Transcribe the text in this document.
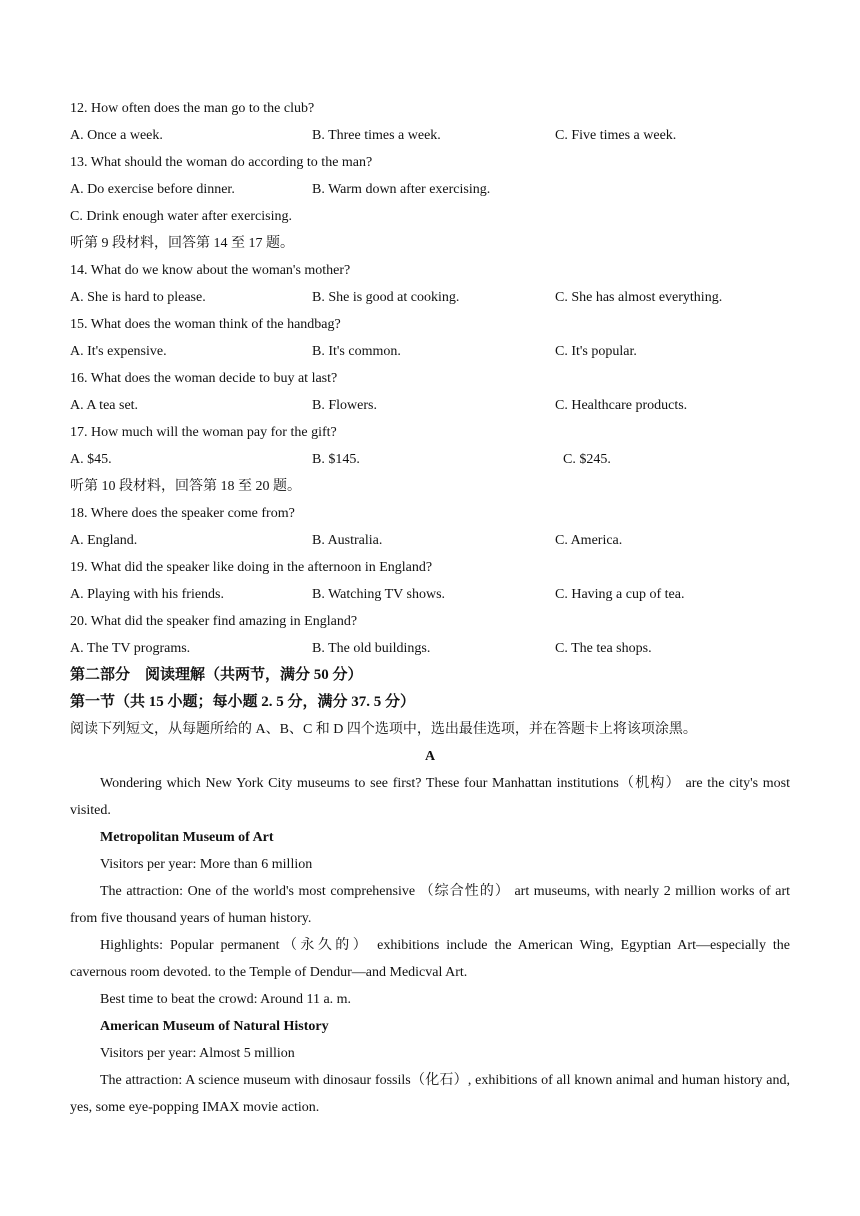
12. How often does the man go to the club?
A. Once a week.	B. Three times a week.	C. Five times a week.
13. What should the woman do according to the man?
A. Do exercise before dinner.	B. Warm down after exercising.
C. Drink enough water after exercising.
听第 9 段材料，回答第 14 至 17 题。
14. What do we know about the woman's mother?
A. She is hard to please.	B. She is good at cooking.	C. She has almost everything.
15. What does the woman think of the handbag?
A. It's expensive.	B. It's common.	C. It's popular.
16. What does the woman decide to buy at last?
A. A tea set.	B. Flowers.	C. Healthcare products.
17. How much will the woman pay for the gift?
A. $45.	B. $145.	C. $245.
听第 10 段材料，回答第 18 至 20 题。
18. Where does the speaker come from?
A. England.	B. Australia.	C. America.
19. What did the speaker like doing in the afternoon in England?
A. Playing with his friends.	B. Watching TV shows.	C. Having a cup of tea.
20. What did the speaker find amazing in England?
A. The TV programs.	B. The old buildings.	C. The tea shops.
第二部分　阅读理解（共两节，满分 50 分）
第一节（共 15 小题；每小题 2. 5 分，满分 37. 5 分）
阅读下列短文，从每题所给的 A、B、C 和 D 四个选项中，选出最佳选项，并在答题卡上将该项涂黑。
A
Wondering which New York City museums to see first? These four Manhattan institutions（机构） are the city's most visited.
Metropolitan Museum of Art
Visitors per year: More than 6 million
The attraction: One of the world's most comprehensive （综合性的） art museums, with nearly 2 million works of art from five thousand years of human history.
Highlights: Popular permanent（永久的） exhibitions include the American Wing, Egyptian Art—especially the cavernous room devoted. to the Temple of Dendur—and Medicval Art.
Best time to beat the crowd: Around 11 a. m.
American Museum of Natural History
Visitors per year: Almost 5 million
The attraction: A science museum with dinosaur fossils（化石）, exhibitions of all known animal and human history and, yes, some eye-popping IMAX movie action.
